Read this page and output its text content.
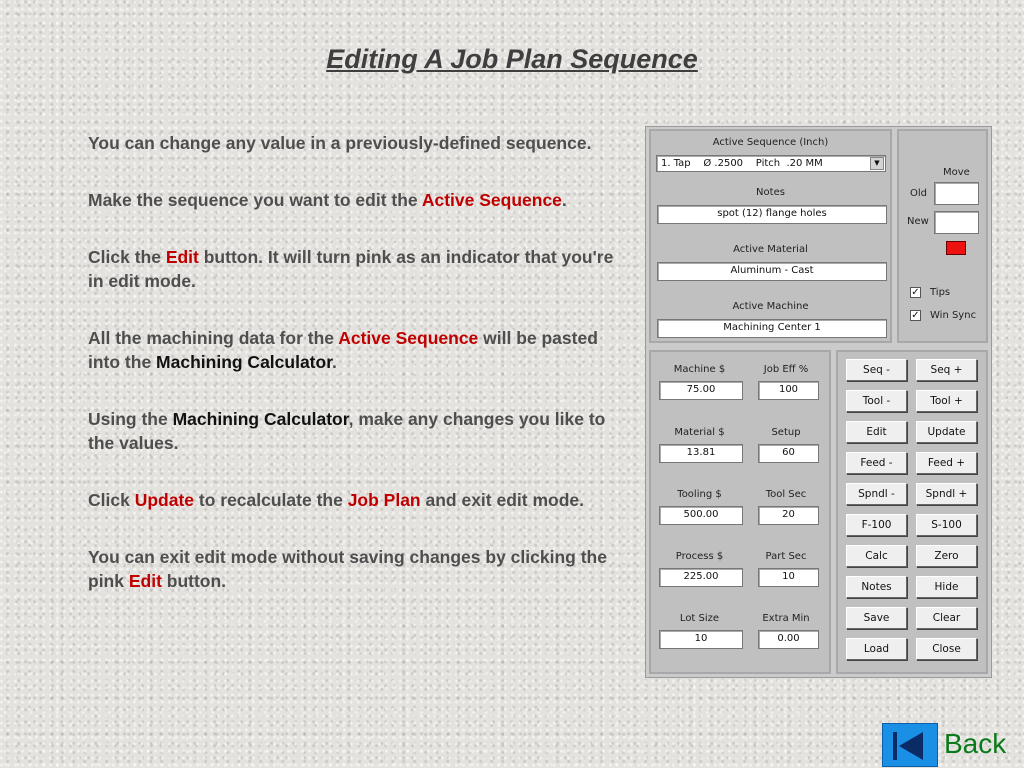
Editing A Job Plan Sequence

You can change any value in a previously-defined sequence.

Make the sequence you want to edit the Active Sequence.

Click the Edit button. It will turn pink as an indicator that you're in edit mode.

All the machining data for the Active Sequence will be pasted into the Machining Calculator.

Using the Machining Calculator, make any changes you like to the values.

Click Update to recalculate the Job Plan and exit edit mode.

You can exit edit mode without saving changes by clicking the pink Edit button.

Active Sequence (Inch)
1. Tap    Ø .2500    Pitch  .20 MM	▼
Notes
spot (12) flange holes
Active Material
Aluminum - Cast
Active Machine
Machining Center 1
Move
Old
New
✓ Tips
✓ Win Sync
Machine $
75.00
Job Eff %
100
Material $
13.81
Setup
60
Tooling $
500.00
Tool Sec
20
Process $
225.00
Part Sec
10
Lot Size
10
Extra Min
0.00
Seq -	Seq +
Tool -	Tool +
Edit	Update
Feed -	Feed +
Spndl -	Spndl +
F-100	S-100
Calc	Zero
Notes	Hide
Save	Clear
Load	Close
Back
